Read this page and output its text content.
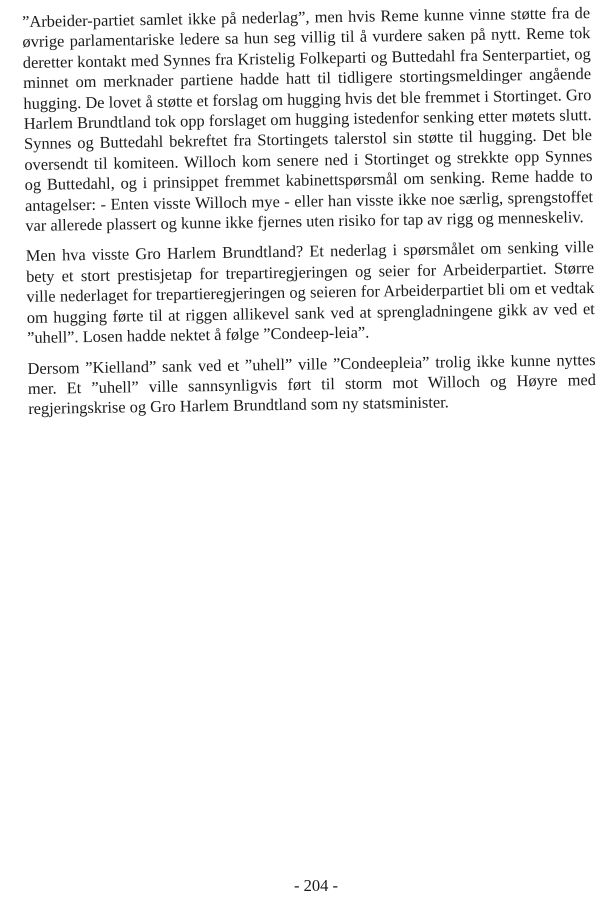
”Arbeider-partiet samlet ikke på nederlag”, men hvis Reme kunne vinne støtte fra de øvrige parlamentariske ledere sa hun seg villig til å vurdere saken på nytt. Reme tok deretter kontakt med Synnes fra Kristelig Folkeparti og Buttedahl fra Senterpartiet, og minnet om merknader partiene hadde hatt til tidligere stortingsmeldinger angående hugging. De lovet å støtte et forslag om hugging hvis det ble fremmet i Stortinget. Gro Harlem Brundtland tok opp forslaget om hugging istedenfor senking etter møtets slutt. Synnes og Buttedahl bekreftet fra Stortingets talerstol sin støtte til hugging. Det ble oversendt til komiteen. Willoch kom senere ned i Stortinget og strekkte opp Synnes og Buttedahl, og i prinsippet fremmet kabinettspørsmål om senking. Reme hadde to antagelser: - Enten visste Willoch mye - eller han visste ikke noe særlig, sprengstoffet var allerede plassert og kunne ikke fjernes uten risiko for tap av rigg og menneskeliv.

Men hva visste Gro Harlem Brundtland? Et nederlag i spørsmålet om senking ville bety et stort prestisjetap for trepartiregjeringen og seier for Arbeiderpartiet. Større ville nederlaget for trepartieregjeringen og seieren for Arbeiderpartiet bli om et vedtak om hugging førte til at riggen allikevel sank ved at sprengladningene gikk av ved et ”uhell”. Losen hadde nektet å følge ”Condeep-leia”.

Dersom ”Kielland” sank ved et ”uhell” ville ”Condeepleia” trolig ikke kunne nyttes mer. Et ”uhell” ville sannsynligvis ført til storm mot Willoch og Høyre med regjeringskrise og Gro Harlem Brundtland som ny statsminister.

- 204 -
